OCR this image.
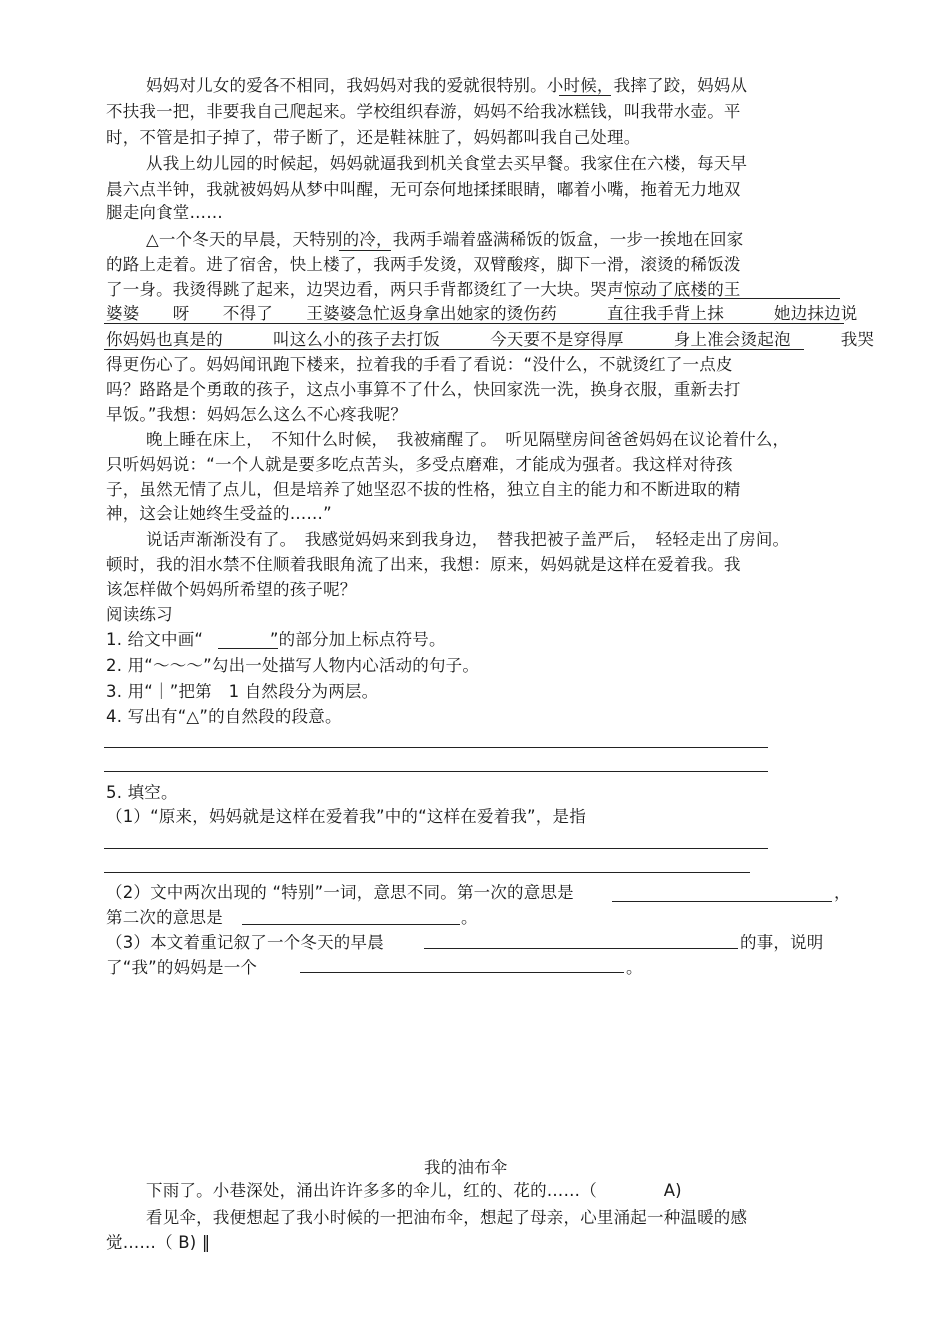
妈妈对儿女的爱各不相同，我妈妈对我的爱就很特别。小时候，我摔了跤，妈妈从
不扶我一把，非要我自己爬起来。学校组织春游，妈妈不给我冰糕钱，叫我带水壶。平
时，不管是扣子掉了，带子断了，还是鞋袜脏了，妈妈都叫我自己处理。
从我上幼儿园的时候起，妈妈就逼我到机关食堂去买早餐。我家住在六楼，每天早
晨六点半钟，我就被妈妈从梦中叫醒，无可奈何地揉揉眼睛，嘟着小嘴，拖着无力地双
腿走向食堂……
△一个冬天的早晨，天特别的冷，我两手端着盛满稀饭的饭盒，一步一挨地在回家
的路上走着。进了宿舍，快上楼了，我两手发烫，双臂酸疼，脚下一滑，滚烫的稀饭泼
了一身。我烫得跳了起来，边哭边看，两只手背都烫红了一大块。哭声惊动了底楼的王
婆婆　　呀　　不得了　　王婆婆急忙返身拿出她家的烫伤药　　　直往我手背上抹　　　她边抹边说
你妈妈也真是的　　　叫这么小的孩子去打饭　　　今天要不是穿得厚　　　身上准会烫起泡　　　我哭
得更伤心了。妈妈闻讯跑下楼来，拉着我的手看了看说：“没什么，不就烫红了一点皮
吗？路路是个勇敢的孩子，这点小事算不了什么，快回家洗一洗，换身衣服，重新去打
早饭。”我想：妈妈怎么这么不心疼我呢？
晚上睡在床上，　不知什么时候，　我被痛醒了。　听见隔壁房间爸爸妈妈在议论着什么，
只听妈妈说：“一个人就是要多吃点苦头，多受点磨难，才能成为强者。我这样对待孩
子，虽然无情了点儿，但是培养了她坚忍不拔的性格，独立自主的能力和不断进取的精
神，这会让她终生受益的……”
说话声渐渐没有了。　我感觉妈妈来到我身边，　替我把被子盖严后，　轻轻走出了房间。
顿时，我的泪水禁不住顺着我眼角流了出来，我想：原来，妈妈就是这样在爱着我。我
该怎样做个妈妈所希望的孩子呢？
阅读练习
1. 给文中画“　　　　”的部分加上标点符号。
2. 用“～～～”勾出一处描写人物内心活动的句子。
3. 用“｜”把第　1 自然段分为两层。
4. 写出有“△”的自然段的段意。
5. 填空。
（1）“原来，妈妈就是这样在爱着我”中的“这样在爱着我”，是指
（2）文中两次出现的 “特别”一词，意思不同。第一次的意思是	，
第二次的意思是	。
（3）本文着重记叙了一个冬天的早晨	的事，说明
了“我”的妈妈是一个	。
我的油布伞
下雨了。小巷深处，涌出许许多多的伞儿，红的、花的……（　　　　A)
看见伞，我便想起了我小时候的一把油布伞，想起了母亲，心里涌起一种温暖的感
觉……（ B) ‖
